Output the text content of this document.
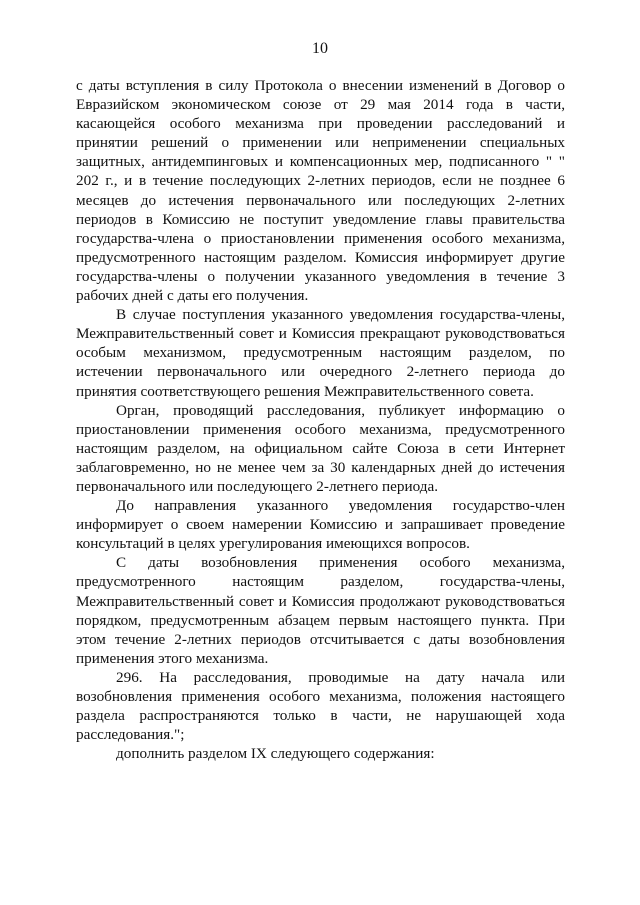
10

с даты вступления в силу Протокола о внесении изменений в Договор о Евразийском экономическом союзе от 29 мая 2014 года в части, касающейся особого механизма при проведении расследований и принятии решений о применении или неприменении специальных защитных, антидемпинговых и компенсационных мер, подписанного " " 202 г., и в течение последующих 2-летних периодов, если не позднее 6 месяцев до истечения первоначального или последующих 2-летних периодов в Комиссию не поступит уведомление главы правительства государства-члена о приостановлении применения особого механизма, предусмотренного настоящим разделом. Комиссия информирует другие государства-члены о получении указанного уведомления в течение 3 рабочих дней с даты его получения.

В случае поступления указанного уведомления государства-члены, Межправительственный совет и Комиссия прекращают руководствоваться особым механизмом, предусмотренным настоящим разделом, по истечении первоначального или очередного 2-летнего периода до принятия соответствующего решения Межправительственного совета.

Орган, проводящий расследования, публикует информацию о приостановлении применения особого механизма, предусмотренного настоящим разделом, на официальном сайте Союза в сети Интернет заблаговременно, но не менее чем за 30 календарных дней до истечения первоначального или последующего 2-летнего периода.

До направления указанного уведомления государство-член информирует о своем намерении Комиссию и запрашивает проведение консультаций в целях урегулирования имеющихся вопросов.

С даты возобновления применения особого механизма, предусмотренного настоящим разделом, государства-члены, Межправительственный совет и Комиссия продолжают руководствоваться порядком, предусмотренным абзацем первым настоящего пункта. При этом течение 2-летних периодов отсчитывается с даты возобновления применения этого механизма.

296. На расследования, проводимые на дату начала или возобновления применения особого механизма, положения настоящего раздела распространяются только в части, не нарушающей хода расследования.";

дополнить разделом IX следующего содержания:
